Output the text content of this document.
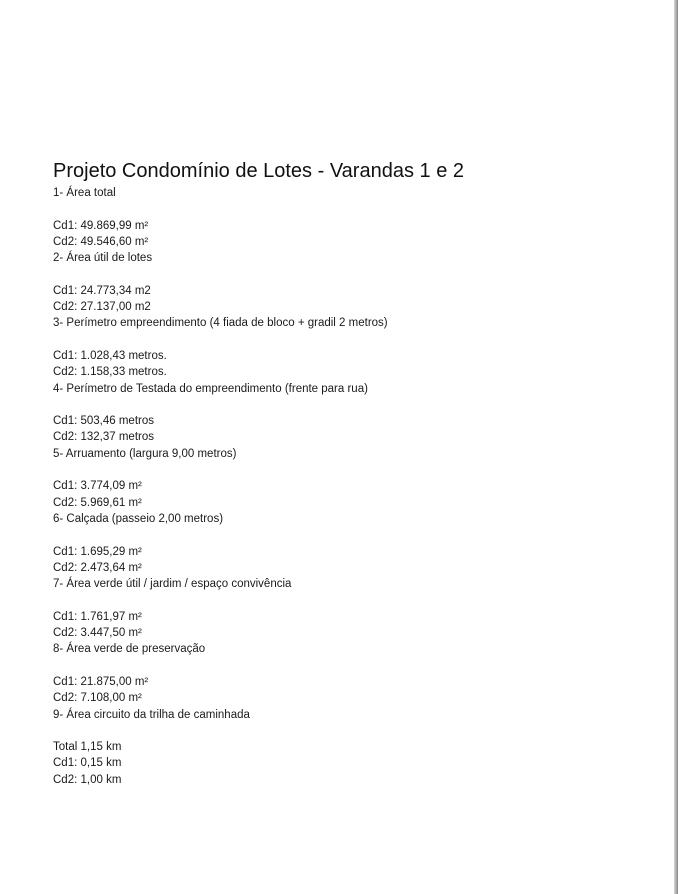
Projeto Condomínio de Lotes - Varandas 1 e 2
1- Área total
Cd1: 49.869,99 m²
Cd2: 49.546,60 m²
2- Área útil de lotes
Cd1: 24.773,34 m2
Cd2: 27.137,00 m2
3- Perímetro empreendimento (4 fiada de bloco + gradil 2 metros)
Cd1: 1.028,43 metros.
Cd2: 1.158,33 metros.
4- Perímetro de Testada do empreendimento (frente para rua)
Cd1: 503,46 metros
Cd2: 132,37 metros
5- Arruamento (largura 9,00 metros)
Cd1: 3.774,09 m²
Cd2: 5.969,61 m²
6- Calçada (passeio 2,00 metros)
Cd1: 1.695,29 m²
Cd2: 2.473,64 m²
7- Área verde útil / jardim / espaço convivência
Cd1: 1.761,97 m²
Cd2: 3.447,50 m²
8- Área verde de preservação
Cd1: 21.875,00 m²
Cd2: 7.108,00 m²
9- Área circuito da trilha de caminhada
Total 1,15 km
Cd1: 0,15 km
Cd2: 1,00 km
